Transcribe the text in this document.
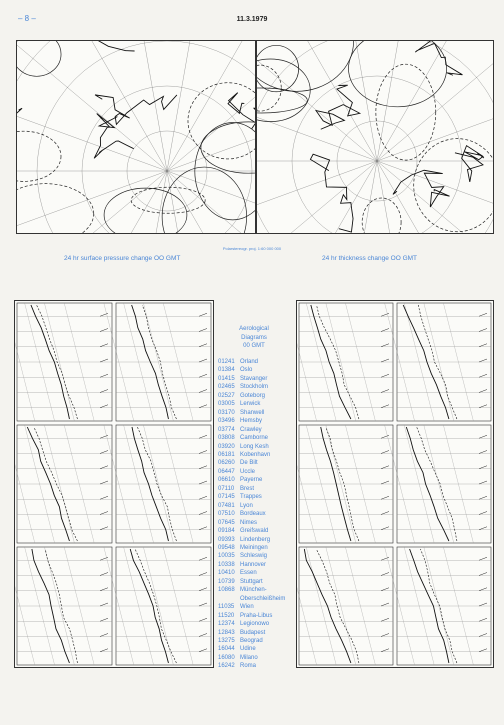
– 8 –	11.3.1979
Polarstereogr. proj. 1:60 000 000
24 hr surface pressure change OO GMT	24 hr thickness change OO GMT
Aerological
Diagrams
00 GMT
01241 Orland
01384 Oslo
01415 Stavanger
02465 Stockholm
02527 Goteborg
03005 Lerwick
03170 Shanwell
03496 Hemsby
03774 Crawley
03808 Camborne
03920 Long Kesh
06181 Kobenhavn
06260 De Bilt
06447 Uccle
06610 Payerne
07110 Brest
07145 Trappes
07481 Lyon
07510 Bordeaux
07645 Nimes
09184 Greifswald
09393 Lindenberg
09548 Meiningen
10035 Schleswig
10338 Hannover
10410 Essen
10739 Stuttgart
10868 München-
Oberschleißheim
11035 Wien
11520 Praha-Libus
12374 Legionowo
12843 Budapest
13275 Beograd
16044 Udine
16080 Milano
16242 Roma
